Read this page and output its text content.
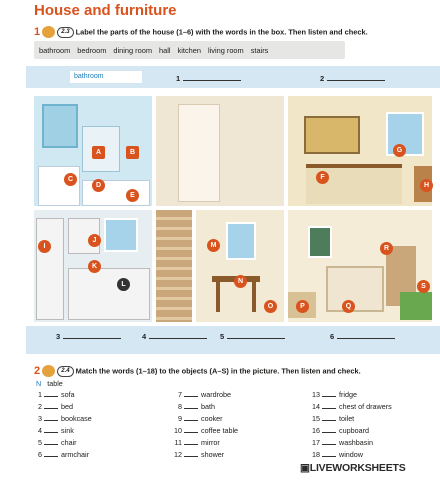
House and furniture
1	2.3 Label the parts of the house (1–6) with the words in the box. Then listen and check.
bathroom bedroom dining room hall kitchen living room stairs
bathroom	1	2
A	B
C
D
E
F
G
H
I
J
K
L
M
N
O
R
S
P	Q
3	4	5	6
2	2.4 Match the words (1–18) to the objects (A–S) in the picture. Then listen and check.
N table
1	sofa
2	bed
3	bookcase
4	sink
5	chair
6	armchair
7	wardrobe
8	bath
9	cooker
10	coffee table
11	mirror
12	shower
13	fridge
14	chest of drawers
15	toilet
16	cupboard
17	washbasin
18	window
▣LIVEWORKSHEETS
